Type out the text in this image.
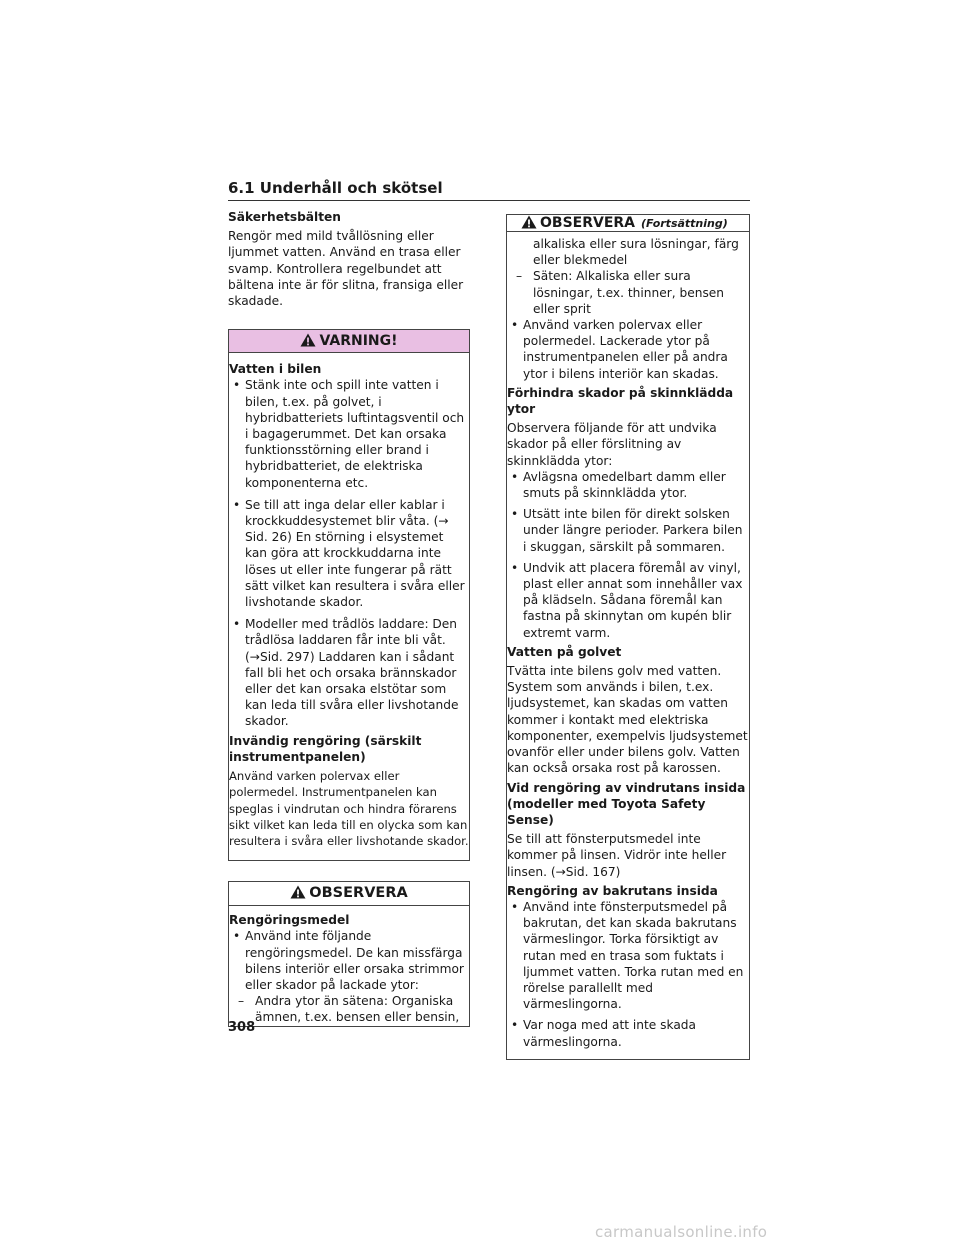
6.1 Underhåll och skötsel
Säkerhetsbälten

Rengör med mild tvållösning eller ljummet vatten. Använd en trasa eller svamp. Kontrollera regelbundet att bältena inte är för slitna, fransiga eller skadade.

VARNING!
Vatten i bilen
• Stänk inte och spill inte vatten i bilen, t.ex. på golvet, i hybridbatteriets luftintagsventil och i bagagerummet. Det kan orsaka funktionsstörning eller brand i hybridbatteriet, de elektriska komponenterna etc.
• Se till att inga delar eller kablar i krockkuddesystemet blir våta. (→ Sid. 26) En störning i elsystemet kan göra att krockkuddarna inte löses ut eller inte fungerar på rätt sätt vilket kan resultera i svåra eller livshotande skador.
• Modeller med trådlös laddare: Den trådlösa laddaren får inte bli våt. (→Sid. 297) Laddaren kan i sådant fall bli het och orsaka brännskador eller det kan orsaka elstötar som kan leda till svåra eller livshotande skador.
Invändig rengöring (särskilt instrumentpanelen)

Använd varken polervax eller polermedel. Instrumentpanelen kan speglas i vindrutan och hindra förarens sikt vilket kan leda till en olycka som kan resultera i svåra eller livshotande skador.

OBSERVERA
Rengöringsmedel
• Använd inte följande rengöringsmedel. De kan missfärga bilens interiör eller orsaka strimmor eller skador på lackade ytor:
– Andra ytor än sätena: Organiska ämnen, t.ex. bensen eller bensin,
OBSERVERA (Fortsättning)

alkaliska eller sura lösningar, färg eller blekmedel

– Säten: Alkaliska eller sura lösningar, t.ex. thinner, bensen eller sprit
• Använd varken polervax eller polermedel. Lackerade ytor på instrumentpanelen eller på andra ytor i bilens interiör kan skadas.
Förhindra skador på skinnklädda ytor

Observera följande för att undvika skador på eller förslitning av skinnklädda ytor:

• Avlägsna omedelbart damm eller smuts på skinnklädda ytor.
• Utsätt inte bilen för direkt solsken under längre perioder. Parkera bilen i skuggan, särskilt på sommaren.
• Undvik att placera föremål av vinyl, plast eller annat som innehåller vax på klädseln. Sådana föremål kan fastna på skinnytan om kupén blir extremt varm.
Vatten på golvet

Tvätta inte bilens golv med vatten. System som används i bilen, t.ex. ljudsystemet, kan skadas om vatten kommer i kontakt med elektriska komponenter, exempelvis ljudsystemet ovanför eller under bilens golv. Vatten kan också orsaka rost på karossen.

Vid rengöring av vindrutans insida (modeller med Toyota Safety Sense)

Se till att fönsterputsmedel inte kommer på linsen. Vidrör inte heller linsen. (→Sid. 167)

Rengöring av bakrutans insida
• Använd inte fönsterputsmedel på bakrutan, det kan skada bakrutans värmeslingor. Torka försiktigt av rutan med en trasa som fuktats i ljummet vatten. Torka rutan med en rörelse parallellt med värmeslingorna.
• Var noga med att inte skada värmeslingorna.
308
carmanualsonline.info
